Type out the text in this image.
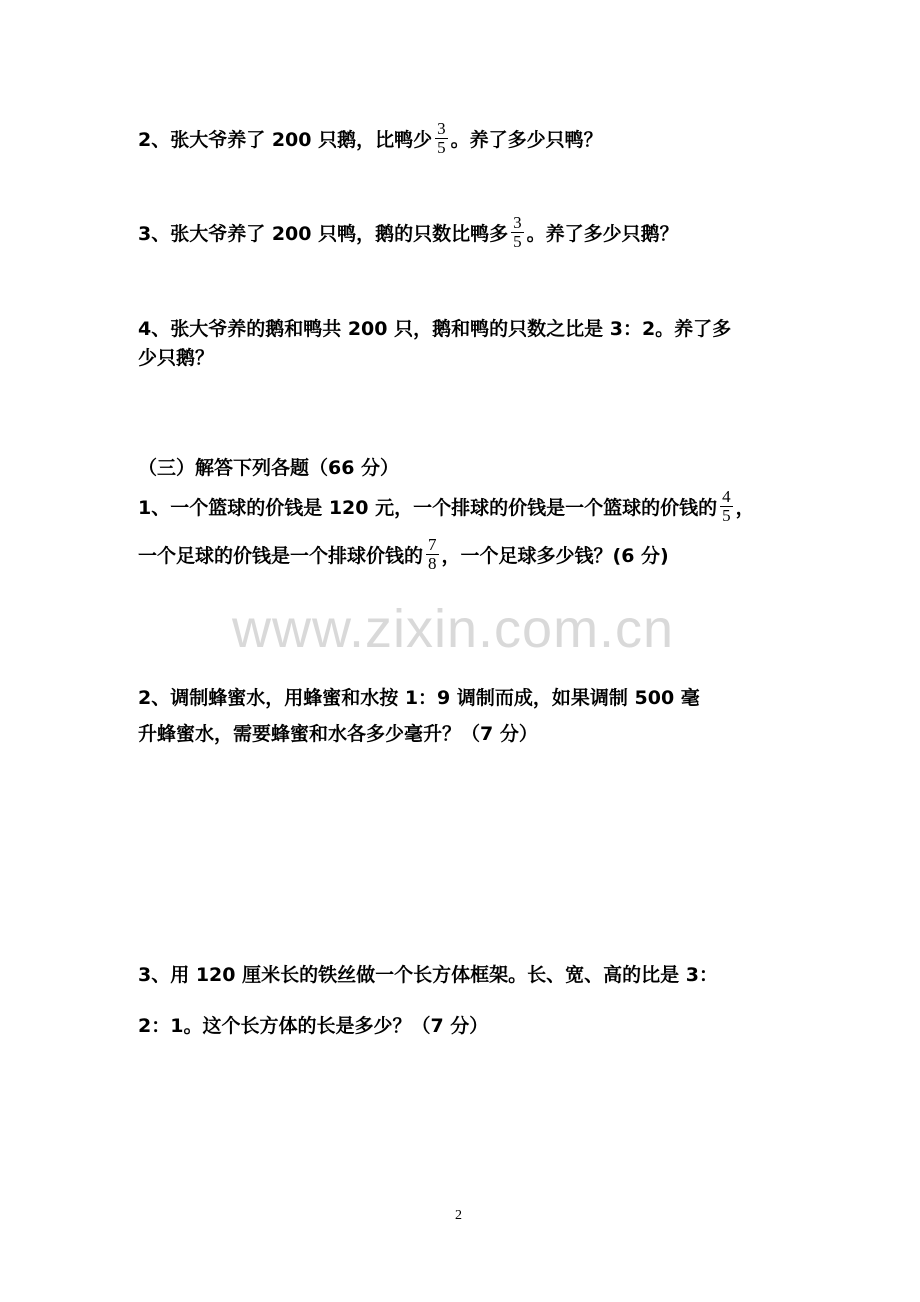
2、张大爷养了 200 只鹅，比鸭少 $\frac{3}{5}$ 。养了多少只鸭？
3、张大爷养了 200 只鸭，鹅的只数比鸭多 $\frac{3}{5}$ 。养了多少只鹅？
4、张大爷养的鹅和鸭共 200 只，鹅和鸭的只数之比是 3：2。养了多
少只鹅？
（三）解答下列各题（66 分）
1、一个篮球的价钱是 120 元，一个排球的价钱是一个篮球的价钱的 $\frac{4}{5}$ ，
一个足球的价钱是一个排球价钱的 $\frac{7}{8}$ ，一个足球多少钱？(6 分)
www.zixin.com.cn
2、调制蜂蜜水，用蜂蜜和水按 1：9 调制而成，如果调制 500 毫
升蜂蜜水，需要蜂蜜和水各多少毫升？（7 分）
3、用 120 厘米长的铁丝做一个长方体框架。长、宽、高的比是 3：
2：1。这个长方体的长是多少？（7 分）
2
